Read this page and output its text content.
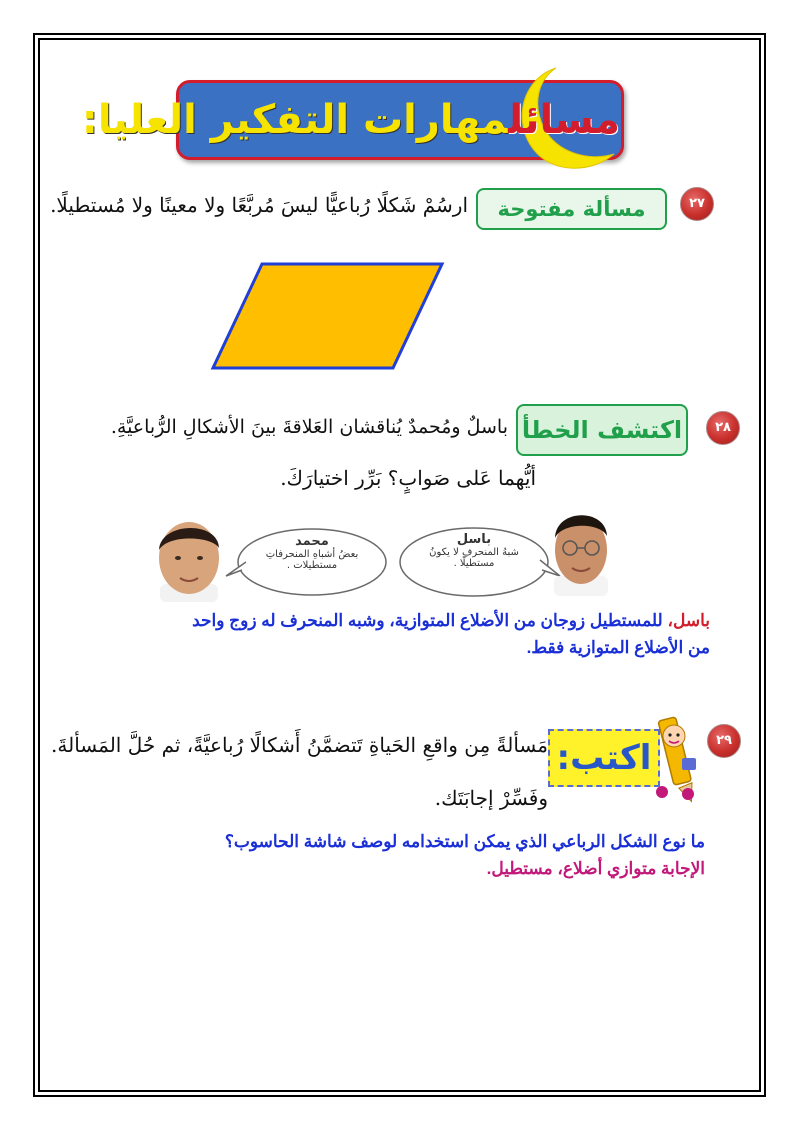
مسائلمهارات التفكير العليا:
٢٧
مسألة مفتوحة
ارسُمْ شَكلًا رُباعيًّا ليسَ مُربَّعًا ولا معينًا ولا مُستطيلًا.
٢٨
اكتشف الخطأ
باسلٌ ومُحمدٌ يُناقشان العَلاقةَ بينَ الأشكالِ الرُّباعيَّةِ.
أيُّهما عَلى صَوابٍ؟ بَرِّر اختيارَكَ.
محمد
بعضُ أشباهِ المنحرفاتِ
مستطيلات .
باسل
شبهُ المنحرفِ لا يكونُ
مستطيلًا .
باسل، للمستطيل زوجان من الأضلاع المتوازية، وشبه المنحرف له زوج واحد
من الأضلاع المتوازية فقط.
٢٩
اكتب:
مَسألةً مِن واقعِ الحَياةِ تَتضمَّنُ أَشكالًا رُباعيَّةً، ثم حُلَّ المَسألةَ.
وفَسِّرْ إجابَتَك.
ما نوع الشكل الرباعي الذي يمكن استخدامه لوصف شاشة الحاسوب؟
الإجابة متوازي أضلاع، مستطيل.
